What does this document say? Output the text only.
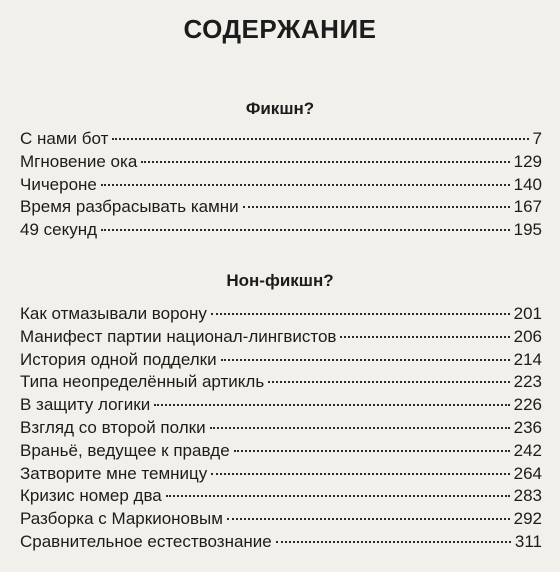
СОДЕРЖАНИЕ
Фикшн?
С нами бот	7
Мгновение ока	129
Чичероне	140
Время разбрасывать камни	167
49 секунд	195
Нон-фикшн?
Как отмазывали ворону	201
Манифест партии национал-лингвистов	206
История одной подделки	214
Типа неопределённый артикль	223
В защиту логики	226
Взгляд со второй полки	236
Враньё, ведущее к правде	242
Затворите мне темницу	264
Кризис номер два	283
Разборка с Маркионовым	292
Сравнительное естествознание	311
